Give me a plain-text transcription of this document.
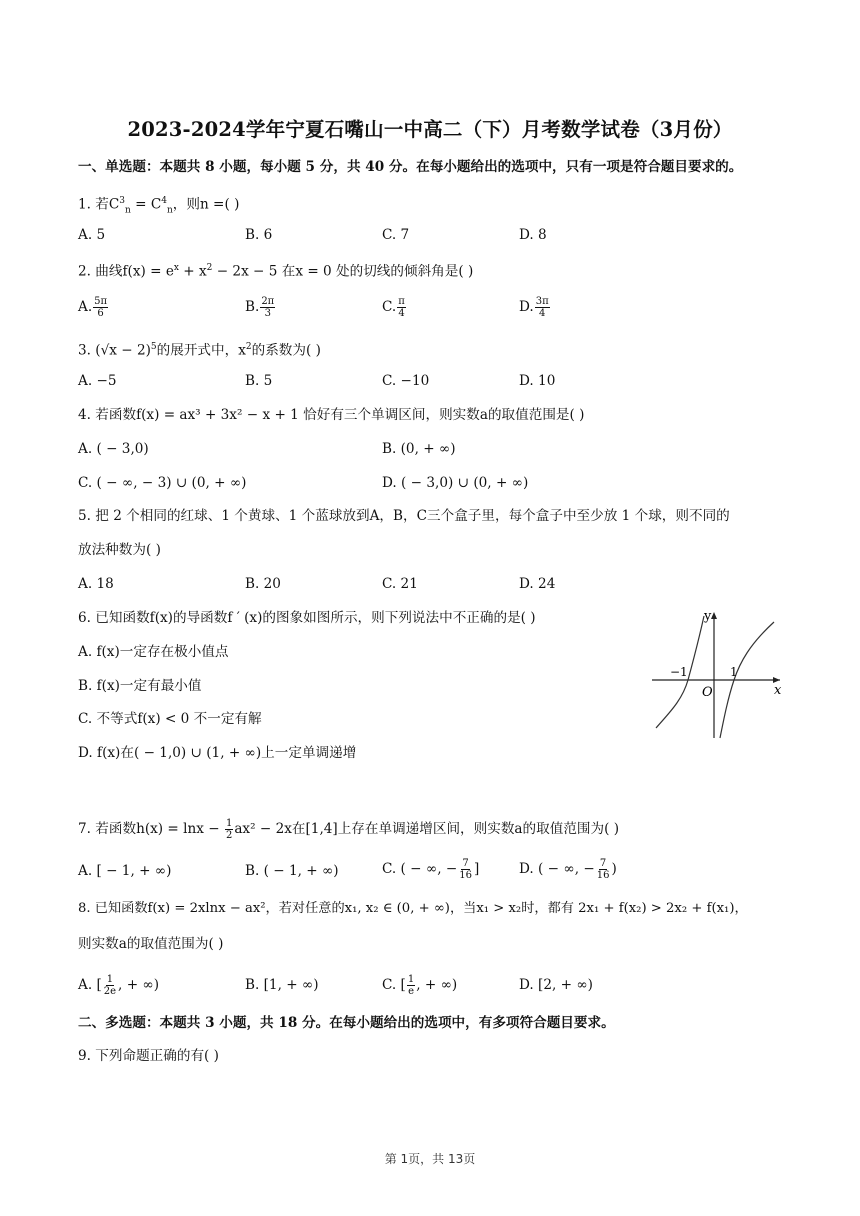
2023-2024学年宁夏石嘴山一中高二（下）月考数学试卷（3月份）
一、单选题：本题共 8 小题，每小题 5 分，共 40 分。在每小题给出的选项中，只有一项是符合题目要求的。
1. 若$C^3_n = C^4_n$，则n =( )
A. 5	B. 6	C. 7	D. 8
2. 曲线$f(x) = e^x + x^2 - 2x - 5$ 在x = 0 处的切线的倾斜角是( )
A. $\frac{5\pi}{6}$	B. $\frac{2\pi}{3}$	C. $\frac{\pi}{4}$	D. $\frac{3\pi}{4}$
3. $(√x - 2)^5$的展开式中，$x^2$的系数为( )
A. −5	B. 5	C. −10	D. 10
4. 若函数f(x) = ax³ + 3x² − x + 1 恰好有三个单调区间，则实数a的取值范围是( )
A. ( − 3,0)	B. (0, + ∞)
C. ( − ∞, − 3) ∪ (0, + ∞)	D. ( − 3,0) ∪ (0, + ∞)
5. 把 2 个相同的红球、1 个黄球、1 个蓝球放到A，B，C三个盒子里，每个盒子中至少放 1 个球，则不同的
放法种数为( )
A. 18	B. 20	C. 21	D. 24
6. 已知函数f(x)的导函数f ′ (x)的图象如图所示，则下列说法中不正确的是( )
A. f(x)一定存在极小值点
B. f(x)一定有最小值
C. 不等式f(x) < 0 不一定有解
D. f(x)在( − 1,0) ∪ (1, + ∞)上一定单调递增
x
y
O
−1	1
7. 若函数$h(x) = \ln x - \frac{1}{2} ax^2 - 2x$在[1,4]上存在单调递增区间，则实数a的取值范围为( )
A. [ − 1, + ∞)	B. ( − 1, + ∞)	C. ( − ∞, − $\frac{7}{16}$ ]	D. ( − ∞, − $\frac{7}{16}$ )
8. 已知函数f(x) = 2xlnx − ax²，若对任意的x₁, x₂ ∈ (0, + ∞)，当x₁ > x₂时，都有 2x₁ + f(x₂) > 2x₂ + f(x₁)，
则实数a的取值范围为( )
A. [ $\frac{1}{2e}$ , + ∞)	B. [1, + ∞)	C. [ $\frac{1}{e}$ , + ∞)	D. [2, + ∞)
二、多选题：本题共 3 小题，共 18 分。在每小题给出的选项中，有多项符合题目要求。
9. 下列命题正确的有( )
第 1页，共 13页
